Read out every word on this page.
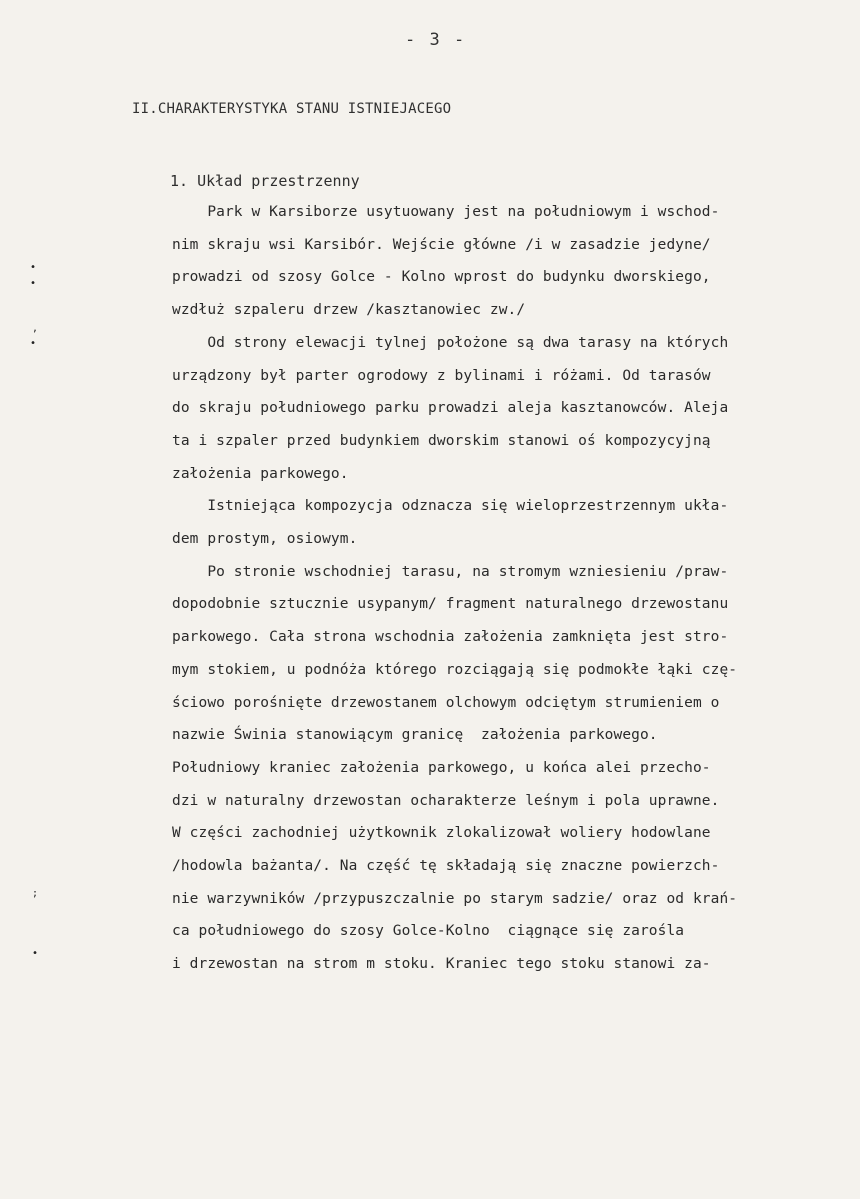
- 3 -
II.CHARAKTERYSTYKA STANU ISTNIEJACEGO
1. Układ przestrzenny
Park w Karsiborze usytuowany jest na południowym i wschod-
nim skraju wsi Karsibór. Wejście główne /i w zasadzie jedyne/
prowadzi od szosy Golce - Kolno wprost do budynku dworskiego,
wzdłuż szpaleru drzew /kasztanowiec zw./
Od strony elewacji tylnej położone są dwa tarasy na których
urządzony był parter ogrodowy z bylinami i różami. Od tarasów
do skraju południowego parku prowadzi aleja kasztanowców. Aleja
ta i szpaler przed budynkiem dworskim stanowi oś kompozycyjną
założenia parkowego.
Istniejąca kompozycja odznacza się wieloprzestrzennym ukła-
dem prostym, osiowym.
Po stronie wschodniej tarasu, na stromym wzniesieniu /praw-
dopodobnie sztucznie usypanym/ fragment naturalnego drzewostanu
parkowego. Cała strona wschodnia założenia zamknięta jest stro-
mym stokiem, u podnóża którego rozciągają się podmokłe łąki czę-
ściowo porośnięte drzewostanem olchowym odciętym strumieniem o
nazwie Świnia stanowiącym granicę  założenia parkowego.
Południowy kraniec założenia parkowego, u końca alei przecho-
dzi w naturalny drzewostan ocharakterze leśnym i pola uprawne.
W części zachodniej użytkownik zlokalizował woliery hodowlane
/hodowla bażanta/. Na część tę składają się znaczne powierzch-
nie warzywników /przypuszczalnie po starym sadzie/ oraz od krań-
ca południowego do szosy Golce-Kolno  ciągnące się zarośla
i drzewostan na strom m stoku. Kraniec tego stoku stanowi za-
•
•
,
•
;
•
